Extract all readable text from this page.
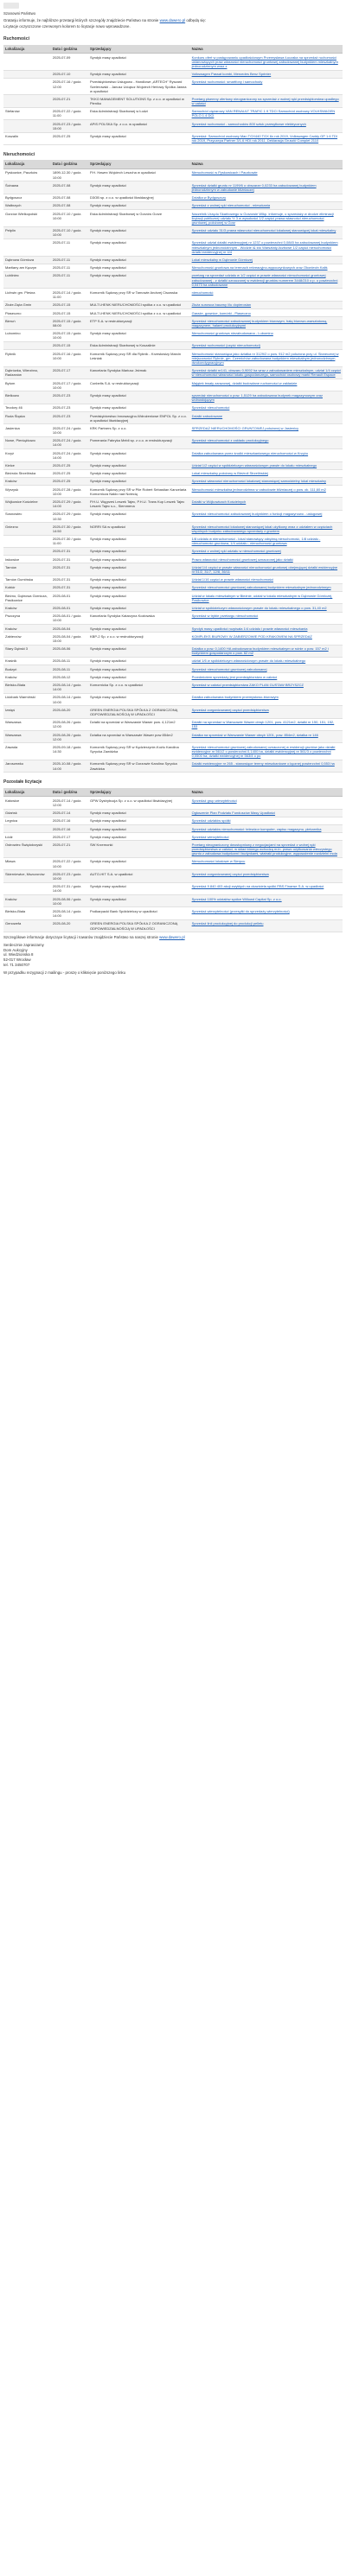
Szanowni Państwo
Gratanju informuje, że najbliższe przetargi których szczegóły znajdziecie Państwo na stronie www.dawero.pl odbędą się:
Licytacje oczyszczone czerwonym kolorem to licytacje nowo wprowadzone.
Ruchomości
Lokalizacja	Data i godzina	Sprzedający	Nazwa
	2025-07-09	Syndyk masy upadłości	Konkurs ofert w postępowaniu upadłościowym Przemysława Łuczaka na sprzedaż ruchomości ustanowiących praw własności nieruchomości gruntowej zabudowanej budynkiem mieszkalnym jednorodzinnym wraz z
	2025-07-10	Syndyk masy upadłości	Volkswagen Passat kombi, Mercedes Benz Sprinter
	2025-07-16 / godz. 12:00	Przedsiębiorstwo Usługowo - Handlowe „ARTECH” Ryszard Szelerowski - Janusz Uciąścz Wojciech Herlowy Spółka Jawna w upadłości	Sprzedaż ruchomości: smartfony i samochody
	2025-07-21	TKKO MANAGEMENT SOLUTIONS Sp. z o.o. w upadłości w Pieniku	Przetarg pisemny ofertowy nieograniczony na sprzedaż z wolnej ręki przedsiębiorstwa upadłego w całości
Stefanów	2025-07-22 / godz. 11:00	Eska Administracji Skarbowej w Łodzi	Samochód ciężarowy VAN RENAULT TRAFIC 1.9 TDCI Samochód osobowy VOLKSWAGEN POLO 1.4 DCI
	2025-07-23 / godz. 15:00	APIS POLSKA Sp. z o.o. w upadłości	Sprzedaż ruchomości - samochodów 800 sztuk przesyłkowe elektrycznych
Koszalin	2025-07-25	Syndyk masy upadłości	Sprzedaż: Samochód osobowy Man TGX440 TGX 6x rok 2019, Volkswagen Caddy GP 1.6 TDI rok 2019, Przyczepa Partner 3/1.6 HDI rok 2011, Deklaracja Gruszki Complet 2110
Nieruchomości
Lokalizacja	Data i godzina	Sprzedający	Nazwa
Pyskowice, Paczków	1899-12-30 / godz. 10:00	P.H. Hawex Wojciech Leszcha w upadłości	Nieruchomość w Pyskowicach i Paczkowie
Ścinawa	2025-07-08	Syndyk masy upadłości	Sprzedaż działki gruntu nr 1199/6 o obszarze 0,0233 ha zabudowanej budynkiem jednorodzinnym w zabudowie bliźniaczej
Bydgoszcz	2025-07-08	D3OB sp. z o.o. w upadłości likwidacyjnej	Działka w Bydgoszczy
Wałbrzych	2025-07-08	Syndyk masy upadłości	Sprzedaż z wolnej ręki nieruchomości - mieszkania
Gorzów Wielkopolski	2025-07-10 / godz. 10:00	Eska Administracji Skarbowej w Gorzów Gorze	Naczelnik Urzędu Skarbowego w Gorzowie Wlkp. informuje, o sprzedaży w drodze eliminacji licytacji publicznej udziału ½ 3 w wysokości 1/2 części prawa własności nieruchomości gruntowej, położonej w Gorz
Pełplin	2025-07-10 / godz. 10:00	Syndyk masy upadłości	Sprzedaż udziału 31/3 prawa własności nieruchomości lokalowej stanowiącej lokal mieszkalny
	2025-07-11	Syndyk masy upadłości	Sprzedaż udział działki ewidencyjnej nr 1237 o powierzchni 0,0845 ha zabudowanej budynkiem mieszkalnym jednorodzinnym - Wodzie i& kto Warsztaty-liczbowe 1/2 części nieruchomości działki ewidencyjnej nr 4/4
Dąbrowa Górnicza	2025-07-11	Syndyk masy upadłości	Lokal mieszkalny w Dąbrowie Górniczej
Martiany am Kęczyn	2025-07-11	Syndyk masy upadłości	Nieruchomość gruntowa na terenach rekreacyjno-wypoczynkowych oraz Okoniecin Kaliś
Lubliniec	2025-07-11	Syndyk masy upadłości	przetarg na sprzedaż udziału w 1/2 części w prawie własności nieruchomości gruntowej zabudowanej - z działki oznaczonej w ewidencji gruntów numerem 3448/210 o p. o powierzchni 0,0473 ha zabudowane
Lichwin gm. Pleśna	2025-07-14 / godz. 11:00	Komornik Sądowy przy SR w Tarnowie Andrzej Cisowska	nieruchomość
Złoże-Dęta Gmin	2025-07-15	MULTI-HENK NIERUCHOMOŚCI spółka z o.o. w upadłości	Złoża surowca baozwy i/lu dopierosian
Piaseczno	2025-07-15	MULTI-HENK NIERUCHOMOŚCI spółka z o.o. w upadłości	Garaże, gownice, komórki - Piaseczno
Bieruń	2025-07-15 / godz. 08:00	ETP S.A. w restrukturyzacji	Sprzedaż nieruchomości zabudowanej budynkiem biurowym, halą biurowo-warsztatową, magazynem, halami produkcyjnymi
Lubomino	2025-07-15 / godz. 10:00	Syndyk masy upadłości	Nieruchomości gruntowa niezabudowana - Lubomino
	2025-07-15	Eska Administracji Skarbowej w Koszalinie	Sprzedaż ruchomości (część nieruchomości)
Rybnik	2025-07-16 / godz. 10:00	Komornik Sądowy przy SR dla Rybnik - Krzesłowizy Marcin Leśniak	Nieruchomość stanowiąca jako działka nr 3129/2 o pow. 912 m2 położona przy ul. Słonecznej w miejscowości Rybnie, gm. Czernichów zabudowana budynkiem mieszkalnym jednorodzinnym dwukondygnacyjnym
Dąbrówka, Wierzbno, Radzanów	2025-07-17	Kancelaria Syndyka Mariusz Jeżmak	Sprzedaż działki nr141, obszaru 0,9092 ha wraz z zabudowaniem mieszkalnym, udział 1/4 części w nieruchomości wlasności lokalu gospodarczego, samochód osobowy marki Renault Espace
Bytom	2025-07-17 / godz. 10:00	Conbelts S.A. w restrukturyzacji	Majątek trwały zarazowej, działki budowlane ruchomości w zakładzie
Bielkowo	2025-07-23	Syndyk masy upadłości	sprzedaż nieruchomości o pow. 1,5129 ha zabudowana budynek magazynowym oraz wolnostojącym
Teodory 46	2025-07-23	Syndyk masy upadłości	Sprzedaż nieruchomości
Ruda Śląska	2025-07-23	Przedsiębiorstwo Innowacyjno-Wdrożeniowe ENPOL Sp. z o.o. w upadłości likwidacyjnej	Działki zabudowane
Jasienica	2025-07-24 / godz. 10:00	KRK Partners Sp. z o.o.	SPRZEDAŻ NIERUCHOMOŚCI GRUNTOWEJ położonej w Jasienicy
Nowe, Pieniążkowo	2025-07-24 / godz. 14:00	Pomerania Fabryka Mebli sp. z o.o. w restrukturyzacji	Sprzedaż nieruchomości z zakładu produkcyjnego
Krzyż	2025-07-24 / godz. 14:00	Syndyk masy upadłości	Działka zabudowana przez środki mieszkaniowego nieruchomości w Krzyżu
Kielce	2025-07-25	Syndyk masy upadłości	Udział 1/2 części w spółdzielczym własnościowym prawie do lokalu mieszkalnego
Bieżrola Strzelińska	2025-07-25	Syndyk masy upadłości	Lokal mieszkalny położony w Bieżroli Strzelińskiej
Kraków	2025-07-25	Syndyk masy upadłości	Sprzedaż własności nieruchomości lokalowej stanowiącej samodzielny lokal mieszkalny
Wyrzysk	2025-07-28 / godz. 10:00	Komornik Sądowy przy SR w Pile Robert Sebastian Kancelaria Komornicza Nakło nad Notecią	Nieruchomość mieszkalna jednorodzinna w zabudowie bliźniaczej o pow. ok. 111,60 m2
Wójkowice Kościelne	2025-07-29 / godz. 14:00	P.H.U. Węgrześ Leszek Tajec, P.H.U. Trans Kup Leszek Tajec Leszek Tajec s.c., Siemmena	Działki w Wójkowicach Kościelnych
Sosnowiec	2025-07-29 / godz. 10:30	Syndyk masy upadłości	Sprzedaż nieruchomości zabudowanej budynkiem o funkcji magazynowo - usługowej
Gniezno	2025-07-30 / godz. 14:50	NORRI SA w upadłości	Sprzedaż nieruchomości lokalowej stanowiącej lokal użytkowy wraz z udziałem w częściach wspólnych budynku zabudowanego sprzedaży z gruntem
	2025-07-30 / godz. 11:00	Syndyk masy upadłości	1/8 udziału w nieruchomości - lokal stanowiący odrębną nieruchomość, 1/8 udziału - nieruchomość gruntowa, 1/4 udziału - nieruchomość gruntowa
	2025-07-31	Syndyk masy upadłości	Sprzedaż z wolnej ręki udziału w nieruchomości gruntowej
Iwkowice	2025-07-31	Syndyk masy upadłości	Prawo własności nieruchomości gruntowej oznaczonej jako działki
Tarnów	2025-07-31	Syndyk masy upadłości	Udział 1/4 części w prawie własności nieruchomości gruntowej obejmującej działki ewidencyjne nr 51/2, 31/7, 12/8, 36/11
Tarnów Gumińska	2025-07-31	Syndyk masy upadłości	Udział 1/16 części w prawie własności nieruchomości
Kobiór	2025-07-31	Syndyk masy upadłości	Sprzedaż nieruchomości gruntowej zabudowanej budynkiem mieszkalnym jednorodzinnym
Bieżno, Dąbrowa Górnicza, Pasikowice	2025-08-01	Syndyk masy upadłości	Udział w lokalu mieszkalnym w Bieżnie, udział w lokalu mieszkalnym w Dąbrowie Górniczej, Pasikowice
Kraków	2025-08-01	Syndyk masy upadłości	Udział w spółdzielczym własnościowym prawie do lokalu mieszkalnego o pow. 31,40 m2
Pszczyna	2025-08-01 / godz. 10:00	Kancelaria Syndyka Katarzyna Kozłowska	Sprzedaż w trybie przetargu nieruchomości
Kraków	2025-08-04	Syndyk masy upadłości	Syndyk masy upadłości rozpisała 1/4 udziału i prawie własności mieszkania
Zabierzów	2025-08-04 / godz. 15:00	KBP-2 Sp. z o.o. w restrukturyzacji	KOMPLEKS BIUROWY W ZABIERZOWIE POD KRAKOWEM NA SPRZEDAŻ
Stary Dębski 3	2025-08-06	Syndyk masy upadłości	Działka o pow. 0,1400 HA zabudowana budynkiem mieszkalnym w ruinie o pow. 157 m2 i budynkiem gospodarczym o pow. 62 m2
Kraśnik	2025-08-11	Syndyk masy upadłości	udział 1/6 w spółdzielczym własnościowym prawie do lokalu mieszkalnego
Budzyń	2025-08-11	Syndyk masy upadłości	Sprzedaż nieruchomości gruntowej zabudowanej
Kraków	2025-08-12	Syndyk masy upadłości	Przedmiotem sprzedaży jest przedsiębiorstwo w całości
Bielsko-Biała	2025-08-14 / godz. 14:00	Komornicka Sp. z o.o. w upadłości	Sprzedaż w całości przedsiębiorstwa ZAKO PLAN GUSTAW BRZYSZCZ
Lidzbark Warmiński	2025-08-14 / godz. 10:00	Syndyk masy upadłości	Działka zabudowana budynkiem przemysłowo-biurowym
Izwięś	2025-08-20	GREEN ENERGIA POLSKA SPÓŁKA Z OGRANICZONĄ ODPOWIEDZIALNOŚCIĄ W UPADŁOŚCI	Sprzedaż zorganizowanej części przedsiębiorstwa
Warszawa	2025-08-26 / godz. 12:00	Działki na sprzedaż w Warszawie Wawer pow. 4,121m2	Działki na sprzedaż w Warszawie Wawer obręb 1201, pow. 4121m2, działki nr 150, 151, 152, 153
Warszawa	2025-08-26 / godz. 12:00	Działka na sprzedaż w Warszawie Wawer pow 854m2	Działka na sprzedaż w Warszawie Wawer obręb 1201, pow. 854m2, działka nr 146
Zawada	2025-09-18 / godz. 14:30	Komornik Sądowy przy SR w Kędzierzynie-Koźlu Karolina Syrycka Zawidzka	Sprzedaż nieruchomości gruntowej zabudowanej oznaczonej w ewidencji gruntów jako działki ewidencyjne nr 561/2 o powierzchni 0,1400 ha, działki ewidencyjnej nr 561/3 o powierzchni 0,0500 ha, działki ewidencyjnej nr 563/4 o po
Jaroszewko	2025-10-08 / godz. 14:00	Komornik Sądowy przy SR w Gorzowie Karolina Syrycka Zawidzka	Działki ewidencyjne nr 265 - stanowiące tereny mieszkaniowe o łącznej powierzchni 0,553 ha
Pozostałe licytacje
Lokalizacja	Data i godzina	Sprzedający	Nazwa
Katowice	2025-07-14 / godz. 12:00	GPW Dystrybucja Sp. z o.o. w upadłości likwidacyjnej	Sprzedaż grup wierzytelności
Gdańsk	2025-07-14	Syndyk masy upadłości	Ogłoszenie Plan Podziału Funduszów Masy Upadłości
Legnica	2025-07-16	Syndyk masy upadłości	Sprzedaż udziałów spółki
	2025-07-16	Syndyk masy upadłości	Sprzedaż udziałów nieruchomości: telewizor komputer, zapisu magazynu, piekarnika
Łódź	2025-07-17	Syndyk masy upadłości	Sprzedaż wierzytelności
Ostrowiec Świętokrzyski	2025-07-21	SW Krzemonki	Przetarg nieograniczony dwustopniowy z negocjacjami na sprzedaż z wolnej ręki przedsiębiorstwa w całości, w skład którego wchodzą m.in. prawo użytkowania wieczystego gruntu z zabudowa budynkami i budynkami, wiatraki produkcyjne, wyposażenie rozdzielni mola
Mława	2025-07-22 / godz. 10:00	Syndyk masy upadłości	Nieruchomości lokalowe w Sierpcu
Skierniewice, Mszczonów	2025-07-23 / godz. 10:00	AUTO-HIT S.A. w upadłości	Sprzedaż zorganizowanej części przedsiębiorstwa
	2025-07-31 / godz. 14:00	Syndyk masy upadłości	Sprzedaż 9 840 403 akcji zwykłych na okaziciela spółki PBS Finanse S.A. w upadłości
Kraków	2025-08-06 / godz. 10:00	Syndyk masy upadłości	Sprzedaż 100% udziałów spółce Willowd Capital Sp. z o.o.
Bielsko-Biała	2025-08-14 / godz. 14:00	Podkarpacki Bank Spółdzielczy w upadłości	Sprzedaż wierzytelności (przesyłki do sprzedaży wierzytelności)
Genowefa	2025-08-20	GREEN ENERGIA POLSKA SPÓŁKA Z OGRANICZONĄ ODPOWIEDZIALNOŚCIĄ W UPADŁOŚCI	Sprzedaż linii produkcyjnej do produkcji pelletu
Szczegółowe informacje dotyczące licytacji i towarów znajdziecie Państwo na naszej stronie www.dawero.pl
Serdecznie zapraszamy
Dom Aukcyjny
ul. Wiedzionska 8
52-017 Wrocław
tel. 71 3450707
W przypadku rezygnacji z mailingu - proszę o kliknięcie poniższego linku
